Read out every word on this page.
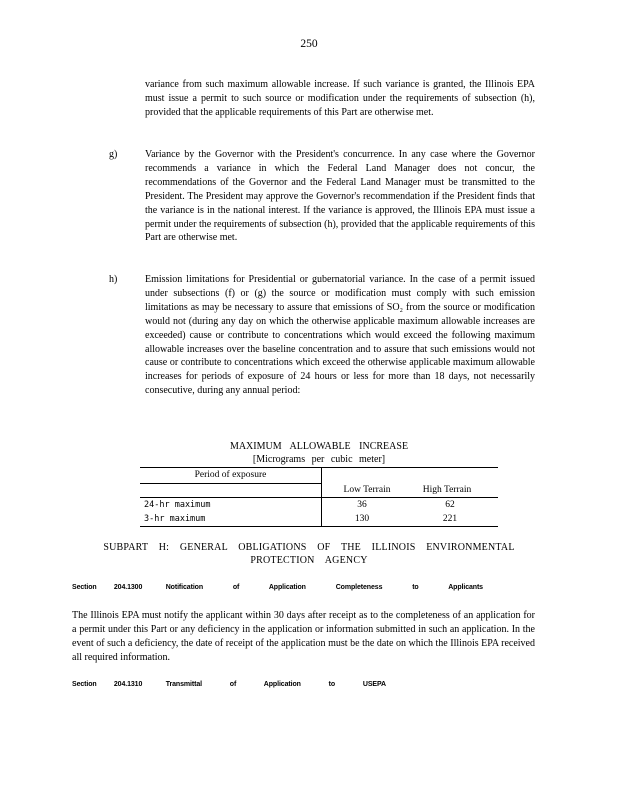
250
variance from such maximum allowable increase. If such variance is granted, the Illinois EPA must issue a permit to such source or modification under the requirements of subsection (h), provided that the applicable requirements of this Part are otherwise met.
g)	Variance by the Governor with the President's concurrence. In any case where the Governor recommends a variance in which the Federal Land Manager does not concur, the recommendations of the Governor and the Federal Land Manager must be transmitted to the President. The President may approve the Governor's recommendation if the President finds that the variance is in the national interest. If the variance is approved, the Illinois EPA must issue a permit under the requirements of subsection (h), provided that the applicable requirements of this Part are otherwise met.
h)	Emission limitations for Presidential or gubernatorial variance. In the case of a permit issued under subsections (f) or (g) the source or modification must comply with such emission limitations as may be necessary to assure that emissions of SO₂ from the source or modification would not (during any day on which the otherwise applicable maximum allowable increases are exceeded) cause or contribute to concentrations which would exceed the following maximum allowable increases over the baseline concentration and to assure that such emissions would not cause or contribute to concentrations which exceed the otherwise applicable maximum allowable increases for periods of exposure of 24 hours or less for more than 18 days, not necessarily consecutive, during any annual period:
MAXIMUM ALLOWABLE INCREASE
[Micrograms per cubic meter]
Period of exposure
Low Terrain	High Terrain
24-hr maximum	36	62
3-hr maximum	130	221
SUBPART H: GENERAL OBLIGATIONS OF THE ILLINOIS ENVIRONMENTAL
PROTECTION AGENCY
Section 204.1300	Notification of Application Completeness to Applicants
The Illinois EPA must notify the applicant within 30 days after receipt as to the completeness of an application for a permit under this Part or any deficiency in the application or information submitted in such an application. In the event of such a deficiency, the date of receipt of the application must be the date on which the Illinois EPA received all required information.
Section 204.1310	Transmittal of Application to USEPA
